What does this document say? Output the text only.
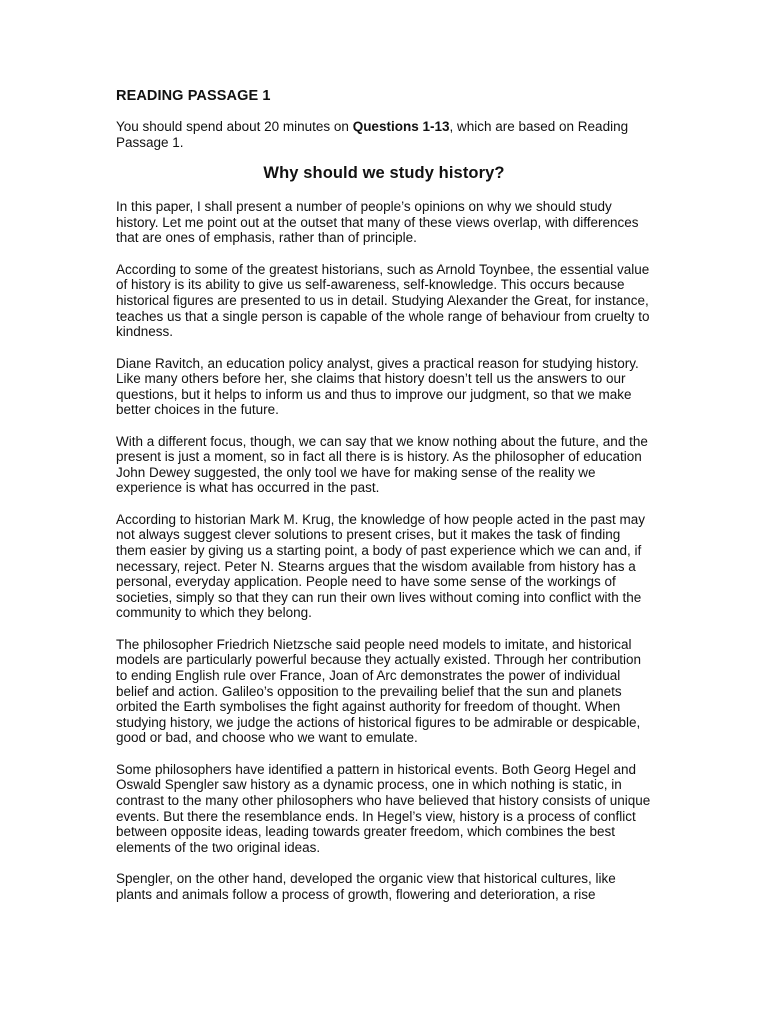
READING PASSAGE 1
You should spend about 20 minutes on Questions 1-13, which are based on Reading Passage 1.
Why should we study history?
In this paper, I shall present a number of people’s opinions on why we should study history. Let me point out at the outset that many of these views overlap, with differences that are ones of emphasis, rather than of principle.
According to some of the greatest historians, such as Arnold Toynbee, the essential value of history is its ability to give us self-awareness, self-knowledge. This occurs because historical figures are presented to us in detail. Studying Alexander the Great, for instance, teaches us that a single person is capable of the whole range of behaviour from cruelty to kindness.
Diane Ravitch, an education policy analyst, gives a practical reason for studying history. Like many others before her, she claims that history doesn’t tell us the answers to our questions, but it helps to inform us and thus to improve our judgment, so that we make better choices in the future.
With a different focus, though, we can say that we know nothing about the future, and the present is just a moment, so in fact all there is is history. As the philosopher of education John Dewey suggested, the only tool we have for making sense of the reality we experience is what has occurred in the past.
According to historian Mark M. Krug, the knowledge of how people acted in the past may not always suggest clever solutions to present crises, but it makes the task of finding them easier by giving us a starting point, a body of past experience which we can and, if necessary, reject. Peter N. Stearns argues that the wisdom available from history has a personal, everyday application. People need to have some sense of the workings of societies, simply so that they can run their own lives without coming into conflict with the community to which they belong.
The philosopher Friedrich Nietzsche said people need models to imitate, and historical models are particularly powerful because they actually existed. Through her contribution to ending English rule over France, Joan of Arc demonstrates the power of individual belief and action. Galileo’s opposition to the prevailing belief that the sun and planets orbited the Earth symbolises the fight against authority for freedom of thought. When studying history, we judge the actions of historical figures to be admirable or despicable, good or bad, and choose who we want to emulate.
Some philosophers have identified a pattern in historical events. Both Georg Hegel and Oswald Spengler saw history as a dynamic process, one in which nothing is static, in contrast to the many other philosophers who have believed that history consists of unique events. But there the resemblance ends. In Hegel’s view, history is a process of conflict between opposite ideas, leading towards greater freedom, which combines the best elements of the two original ideas.
Spengler, on the other hand, developed the organic view that historical cultures, like plants and animals follow a process of growth, flowering and deterioration, a rise
